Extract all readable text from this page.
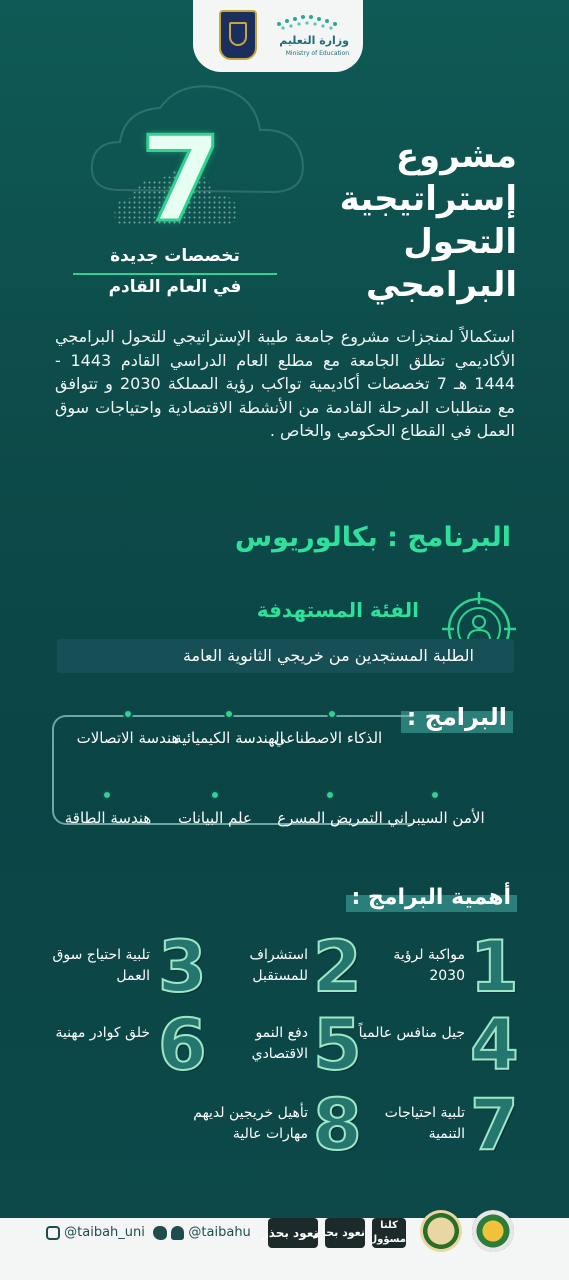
وزارة التعليم
Ministry of Education
7
تخصصات جديدة
في العام القادم
مشروع
إستراتيجية
التحول
البرامجي
استكمالاً لمنجزات مشروع جامعة طيبة الإستراتيجي للتحول البرامجي الأكاديمي تطلق الجامعة مع مطلع العام الدراسي القادم 1443 - 1444 هـ 7 تخصصات أكاديمية تواكب رؤية المملكة 2030 و تتوافق مع متطلبات المرحلة القادمة من الأنشطة الاقتصادية واحتياجات سوق العمل في القطاع الحكومي والخاص .
البرنامج : بكالوريوس
الفئة المستهدفة
الطلبة المستجدين من خريجي الثانوية العامة
البرامج :
الذكاء الاصطناعي
الهندسة الكيميائية
هندسة الاتصالات
الأمن السيبراني
التمريض المسرع
علم البيانات
هندسة الطاقة
أهمية البرامج :
1
مواكبة لرؤية 2030
2
استشراف للمستقبل
3
تلبية احتياج سوق العمل
4
جيل منافس عالمياً
5
دفع النمو الاقتصادي
6
خلق كوادر مهنية
7
تلبية احتياجات التنمية
8
تأهيل خريجين لديهم مهارات عالية
@taibah_uni	@taibahu نعود بحذر
نعود بحذر
كلنا مسؤول
